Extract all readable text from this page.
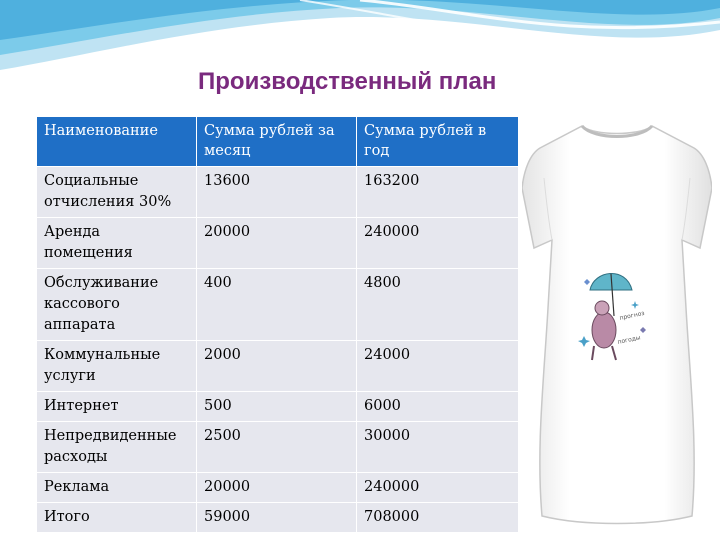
Производственный план
Наименование	Сумма рублей за месяц	Сумма рублей в год
Социальные отчисления 30%	13600	163200
Аренда помещения	20000	240000
Обслуживание кассового аппарата	400	4800
Коммунальные услуги	2000	24000
Интернет	500	6000
Непредвиденные расходы	2500	30000
Реклама	20000	240000
Итого	59000	708000
прогноз
погоды
